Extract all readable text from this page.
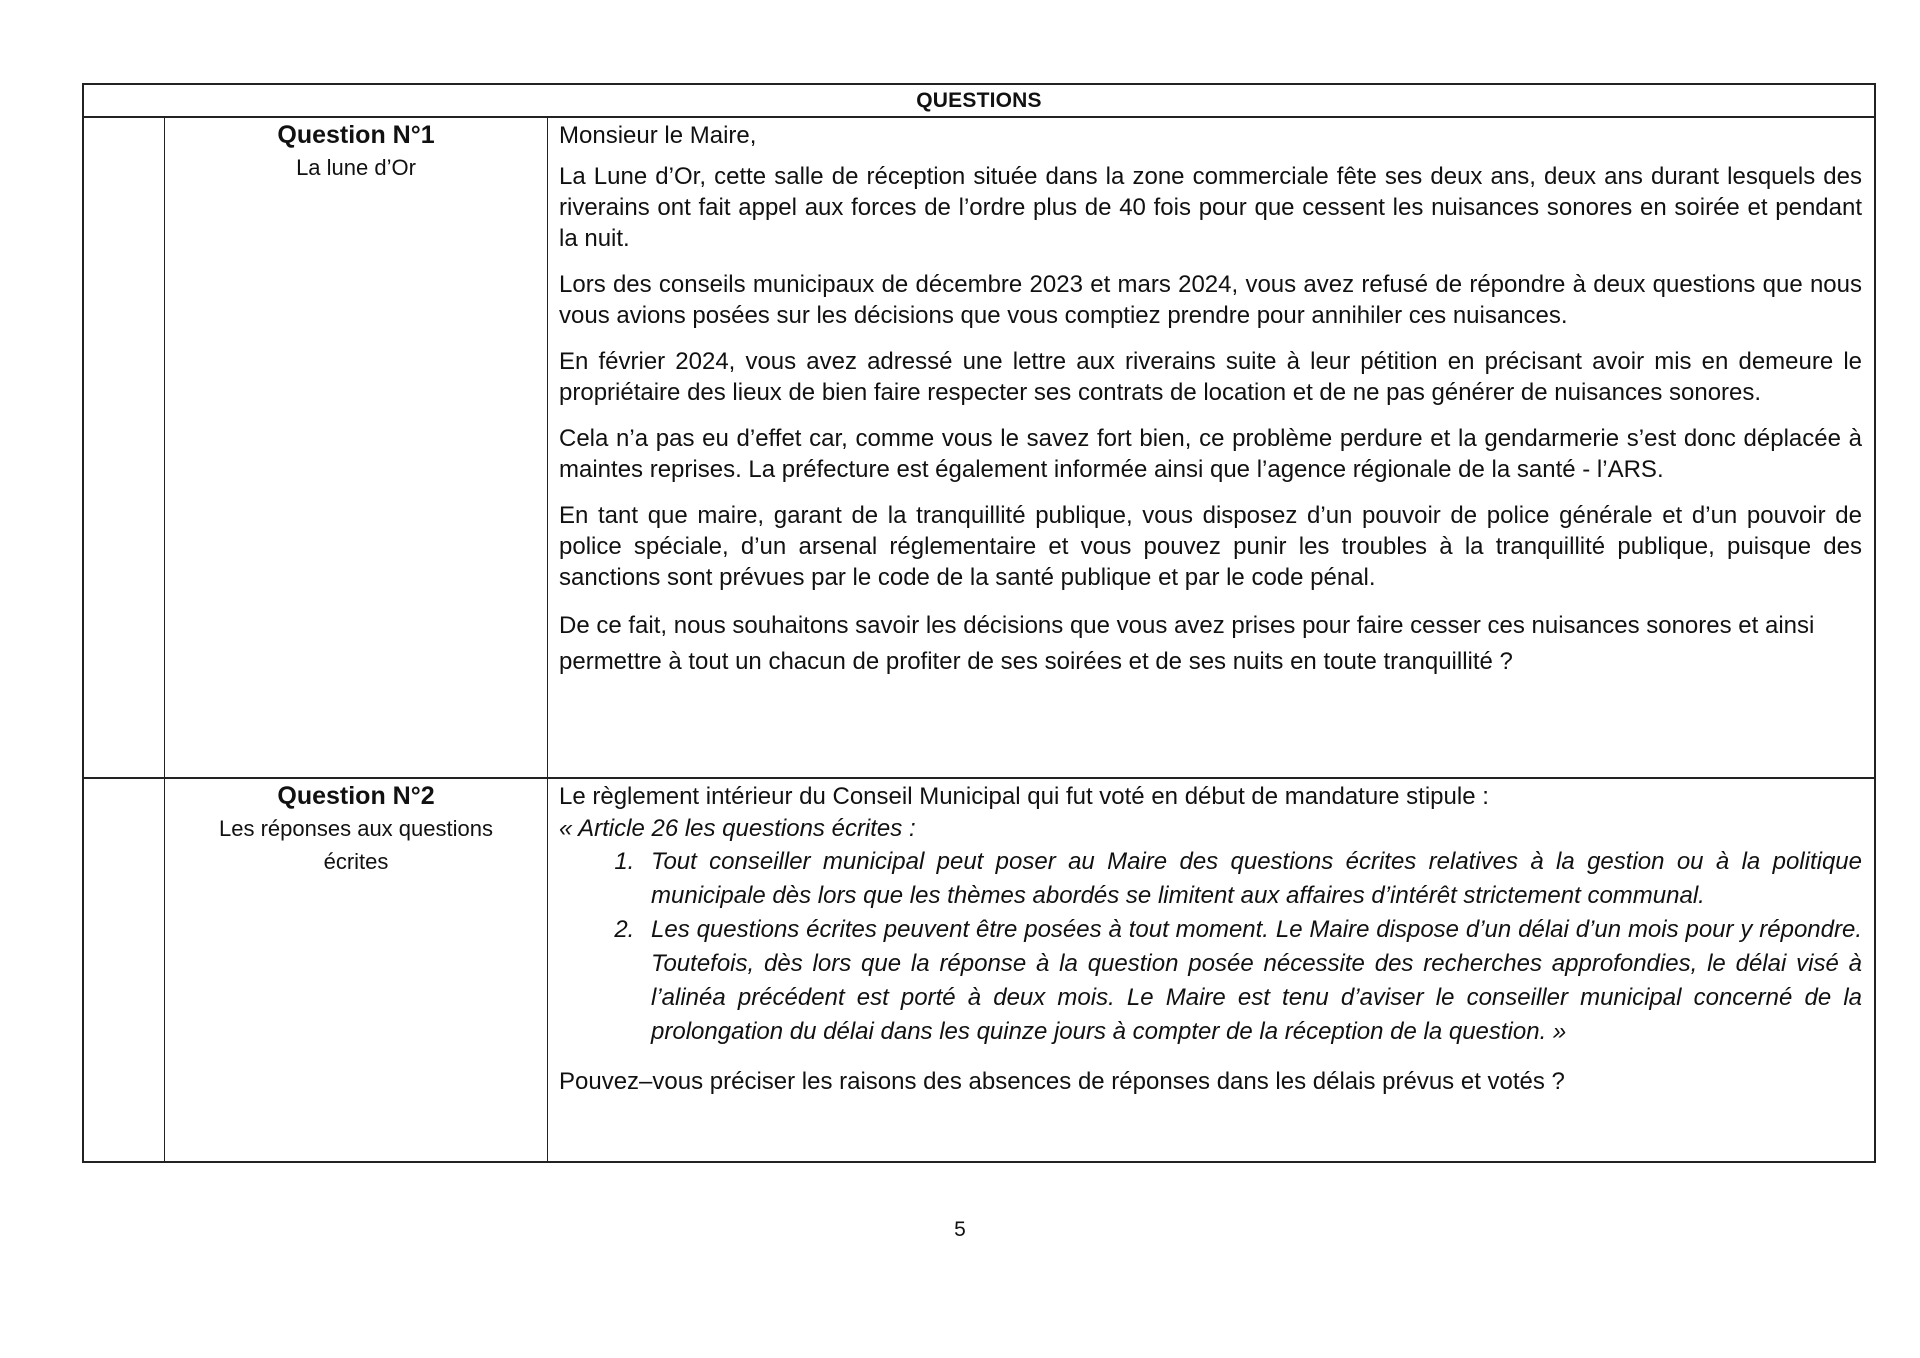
QUESTIONS
Question N°1
La lune d’Or

Monsieur le Maire,

La Lune d’Or, cette salle de réception située dans la zone commerciale fête ses deux ans, deux ans durant lesquels des riverains ont fait appel aux forces de l’ordre plus de 40 fois pour que cessent les nuisances sonores en soirée et pendant la nuit.

Lors des conseils municipaux de décembre 2023 et mars 2024, vous avez refusé de répondre à deux questions que nous vous avions posées sur les décisions que vous comptiez prendre pour annihiler ces nuisances.

En février 2024, vous avez adressé une lettre aux riverains suite à leur pétition en précisant avoir mis en demeure le propriétaire des lieux de bien faire respecter ses contrats de location et de ne pas générer de nuisances sonores.

Cela n’a pas eu d’effet car, comme vous le savez fort bien, ce problème perdure et la gendarmerie s’est donc déplacée à maintes reprises. La préfecture est également informée ainsi que l’agence régionale de la santé - l’ARS.

En tant que maire, garant de la tranquillité publique, vous disposez d’un pouvoir de police générale et d’un pouvoir de police spéciale, d’un arsenal réglementaire et vous pouvez punir les troubles à la tranquillité publique, puisque des sanctions sont prévues par le code de la santé publique et par le code pénal.

De ce fait, nous souhaitons savoir les décisions que vous avez prises pour faire cesser ces nuisances sonores et ainsi permettre à tout un chacun de profiter de ses soirées et de ses nuits en toute tranquillité ?

Question N°2
Les réponses aux questions écrites
Le règlement intérieur du Conseil Municipal qui fut voté en début de mandature stipule :
« Article 26 les questions écrites :
1. Tout conseiller municipal peut poser au Maire des questions écrites relatives à la gestion ou à la politique municipale dès lors que les thèmes abordés se limitent aux affaires d’intérêt strictement communal.
2. Les questions écrites peuvent être posées à tout moment. Le Maire dispose d’un délai d’un mois pour y répondre. Toutefois, dès lors que la réponse à la question posée nécessite des recherches approfondies, le délai visé à l’alinéa précédent est porté à deux mois. Le Maire est tenu d’aviser le conseiller municipal concerné de la prolongation du délai dans les quinze jours à compter de la réception de la question. »
Pouvez–vous préciser les raisons des absences de réponses dans les délais prévus et votés ?
5
